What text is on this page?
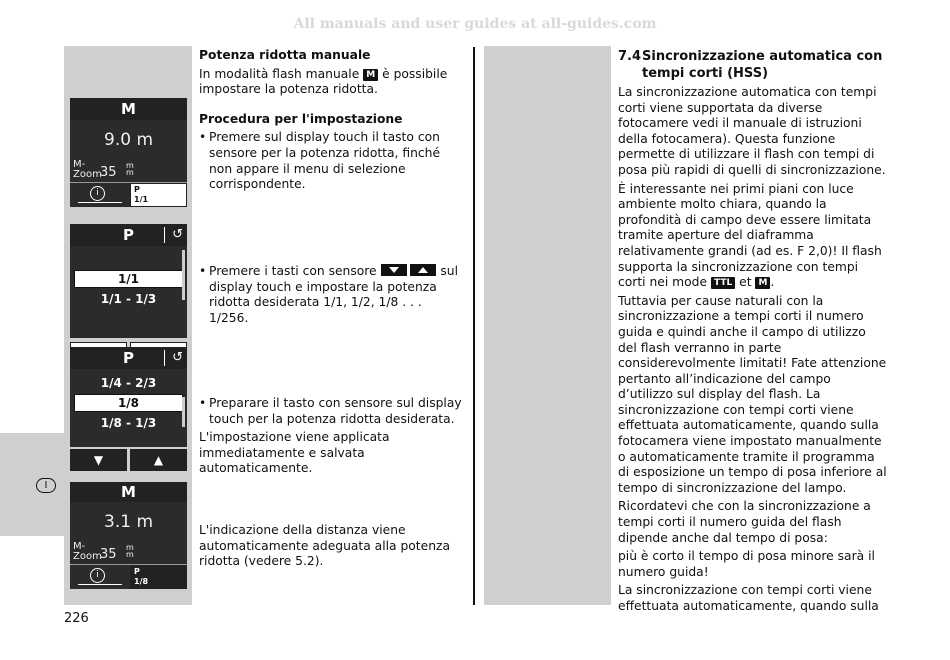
All manuals and user guides at all-guides.com
I
M
9.0 m
M-
Zoom
35 m
m
i	P
1/1
P	↺
1/1
1/1 - 1/3
P	↺
1/4 - 2/3
1/8
1/8 - 1/3
▼	▲
M
3.1 m
M-
Zoom
35 m
m
i	P
1/8

Potenza ridotta manuale

In modalità flash manuale M è possibile impostare la potenza ridotta.

Procedura per l'impostazione

• Premere sul display touch il tasto con sensore per la potenza ridotta, finché non appare il menu di selezione corrispondente.

• Premere i tasti con sensore	sul display touch e impostare la potenza ridotta desiderata 1/1, 1/2, 1/8 . . . 1/256.

• Preparare il tasto con sensore sul display touch per la potenza ridotta desiderata.

L'impostazione viene applicata immediatamente e salvata automaticamente.

L'indicazione della distanza viene automaticamente adeguata alla potenza ridotta (vedere 5.2).

7.4Sincronizzazione automatica con
tempi corti (HSS)

La sincronizzazione automatica con tempi corti viene supportata da diverse fotocamere vedi il manuale di istruzioni della fotocamera). Questa funzione permette di utilizzare il flash con tempi di posa più rapidi di quelli di sincronizzazione.

È interessante nei primi piani con luce ambiente molto chiara, quando la profondità di campo deve essere limitata tramite aperture del diaframma relativamente grandi (ad es. F 2,0)! Il flash supporta la sincronizzazione con tempi corti nei mode TTL et M .

Tuttavia per cause naturali con la sincronizzazione a tempi corti il numero guida e quindi anche il campo di utilizzo del flash verranno in parte considerevolmente limitati! Fate attenzione pertanto all’indicazione del campo d’utilizzo sul display del flash. La sincronizzazione con tempi corti viene effettuata automaticamente, quando sulla fotocamera viene impostato manualmente o automaticamente tramite il programma di esposizione un tempo di posa inferiore al tempo di sincronizzazione del lampo.

Ricordatevi che con la sincronizzazione a tempi corti il numero guida del flash dipende anche dal tempo di posa:

più è corto il tempo di posa minore sarà il numero guida!

La sincronizzazione con tempi corti viene effettuata automaticamente, quando sulla

226
